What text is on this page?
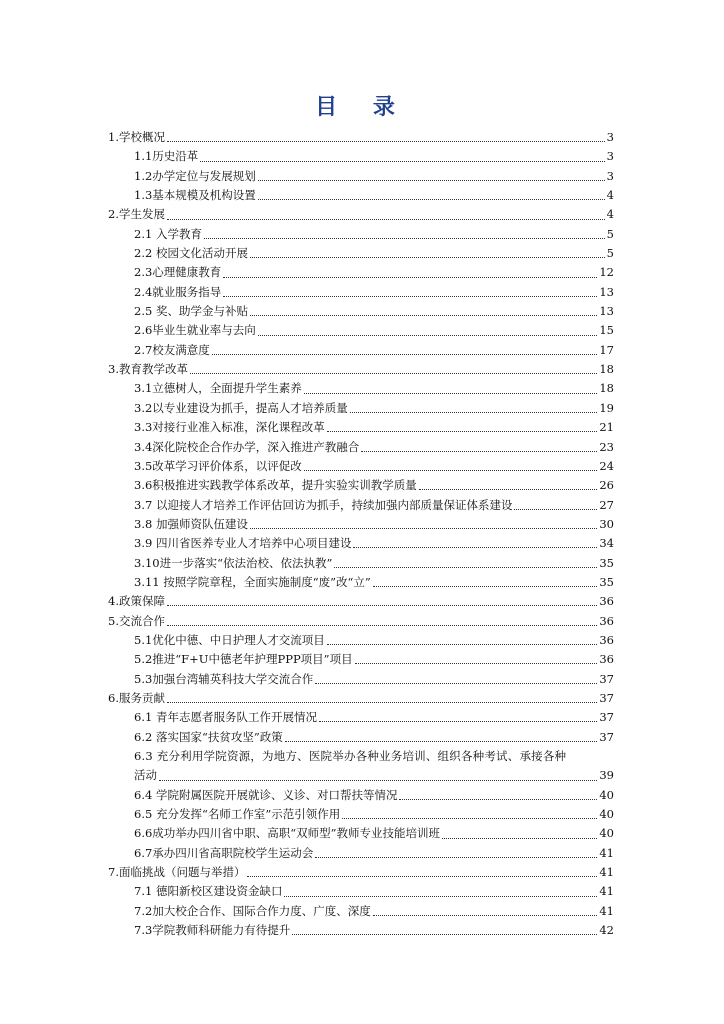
目 录
1.学校概况	3
1.1历史沿革	3
1.2办学定位与发展规划	3
1.3基本规模及机构设置	4
2.学生发展	4
2.1 入学教育	5
2.2 校园文化活动开展	5
2.3心理健康教育	12
2.4就业服务指导	13
2.5 奖、助学金与补贴	13
2.6毕业生就业率与去向	15
2.7校友满意度	17
3.教育教学改革	18
3.1立德树人，全面提升学生素养	18
3.2以专业建设为抓手，提高人才培养质量	19
3.3对接行业准入标准，深化课程改革	21
3.4深化院校企合作办学，深入推进产教融合	23
3.5改革学习评价体系，以评促改	24
3.6积极推进实践教学体系改革，提升实验实训教学质量	26
3.7 以迎接人才培养工作评估回访为抓手，持续加强内部质量保证体系建设	27
3.8 加强师资队伍建设	30
3.9 四川省医养专业人才培养中心项目建设	34
3.10进一步落实“依法治校、依法执教”	35
3.11 按照学院章程，全面实施制度“废”改“立”	35
4.政策保障	36
5.交流合作	36
5.1优化中德、中日护理人才交流项目	36
5.2推进“F+U中德老年护理PPP项目”项目	36
5.3加强台湾辅英科技大学交流合作	37
6.服务贡献	37
6.1 青年志愿者服务队工作开展情况	37
6.2 落实国家“扶贫攻坚”政策	37
6.3 充分利用学院资源，为地方、医院举办各种业务培训、组织各种考试、承接各种
活动	39
6.4 学院附属医院开展就诊、义诊、对口帮扶等情况	40
6.5 充分发挥“名师工作室”示范引领作用	40
6.6成功举办四川省中职、高职“双师型”教师专业技能培训班	40
6.7承办四川省高职院校学生运动会	41
7.面临挑战（问题与举措）	41
7.1 德阳新校区建设资金缺口	41
7.2加大校企合作、国际合作力度、广度、深度	41
7.3学院教师科研能力有待提升	42
